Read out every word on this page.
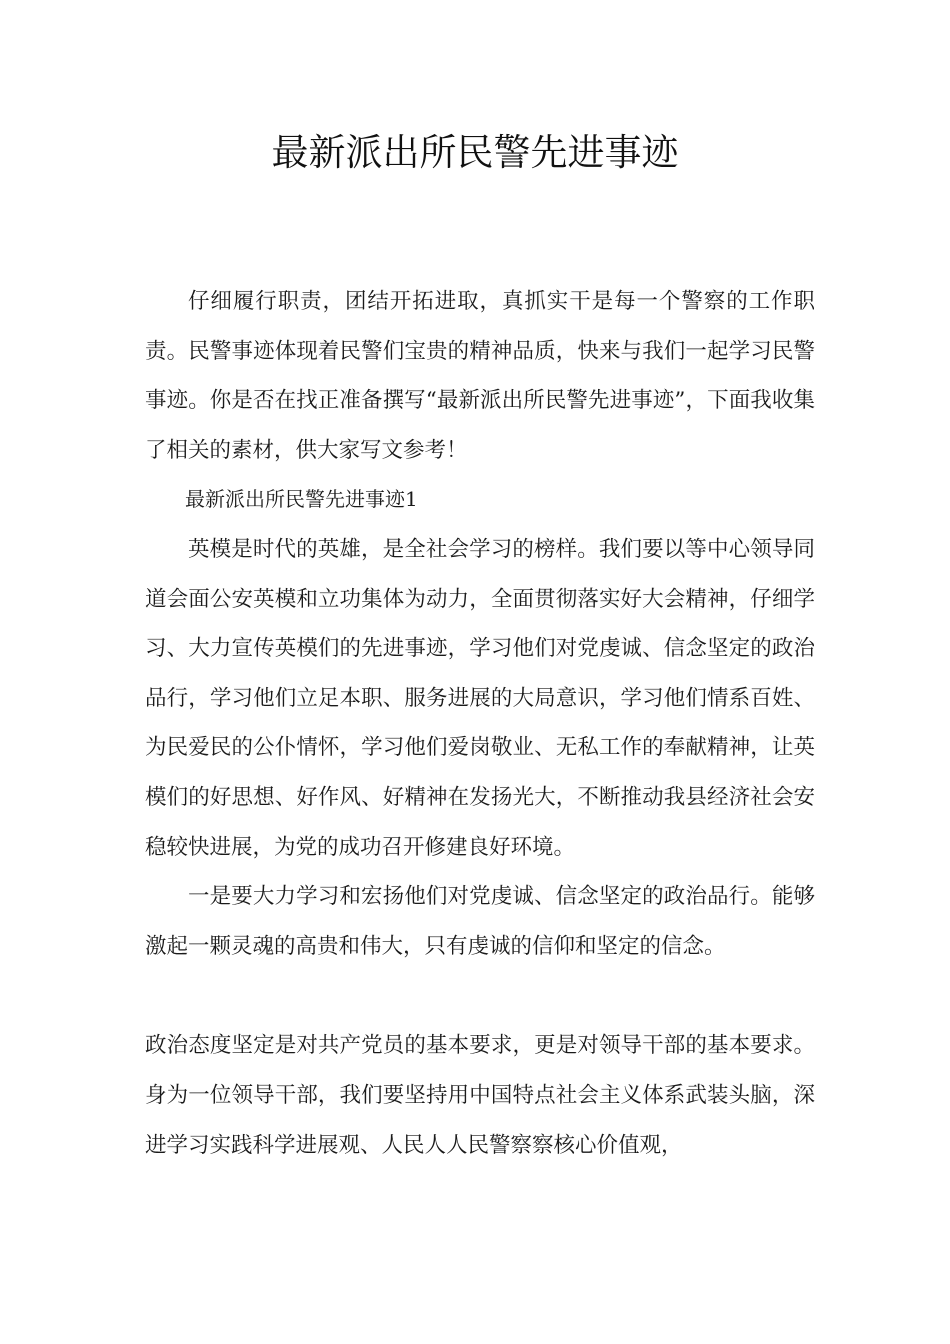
最新派出所民警先进事迹

仔细履行职责，团结开拓进取，真抓实干是每一个警察的工作职责。民警事迹体现着民警们宝贵的精神品质，快来与我们一起学习民警事迹。你是否在找正准备撰写“最新派出所民警先进事迹”，下面我收集了相关的素材，供大家写文参考！

最新派出所民警先进事迹1

英模是时代的英雄，是全社会学习的榜样。我们要以等中心领导同道会面公安英模和立功集体为动力，全面贯彻落实好大会精神，仔细学习、大力宣传英模们的先进事迹，学习他们对党虔诚、信念坚定的政治品行，学习他们立足本职、服务进展的大局意识，学习他们情系百姓、为民爱民的公仆情怀，学习他们爱岗敬业、无私工作的奉献精神，让英模们的好思想、好作风、好精神在发扬光大，不断推动我县经济社会安稳较快进展，为党的成功召开修建良好环境。

一是要大力学习和宏扬他们对党虔诚、信念坚定的政治品行。能够激起一颗灵魂的高贵和伟大，只有虔诚的信仰和坚定的信念。

政治态度坚定是对共产党员的基本要求，更是对领导干部的基本要求。身为一位领导干部，我们要坚持用中国特点社会主义体系武装头脑，深进学习实践科学进展观、人民人人民警察察核心价值观，
